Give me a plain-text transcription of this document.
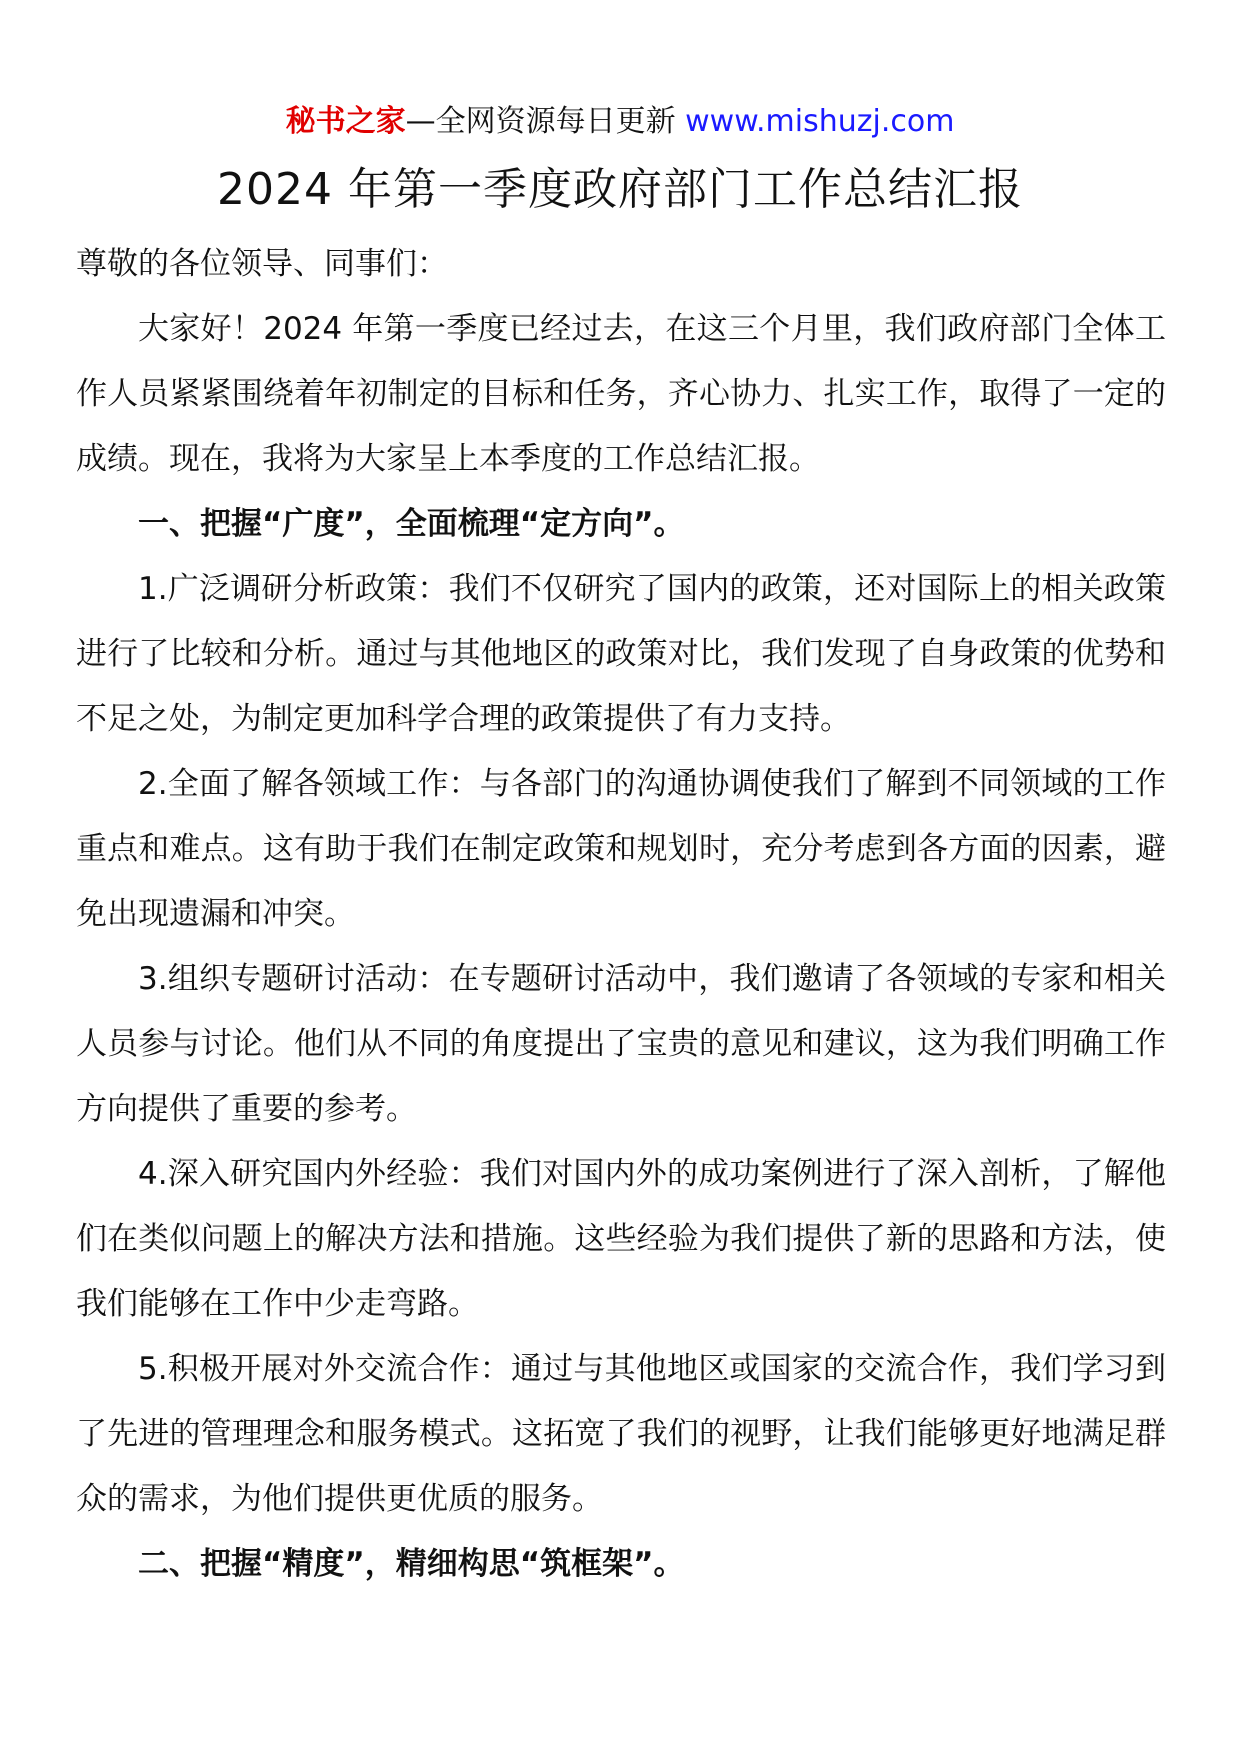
秘书之家—全网资源每日更新 www.mishuzj.com
2024 年第一季度政府部门工作总结汇报

尊敬的各位领导、同事们：

大家好！2024 年第一季度已经过去，在这三个月里，我们政府部门全体工作人员紧紧围绕着年初制定的目标和任务，齐心协力、扎实工作，取得了一定的成绩。现在，我将为大家呈上本季度的工作总结汇报。

一、把握“广度”，全面梳理“定方向”。

1.广泛调研分析政策：我们不仅研究了国内的政策，还对国际上的相关政策进行了比较和分析。通过与其他地区的政策对比，我们发现了自身政策的优势和不足之处，为制定更加科学合理的政策提供了有力支持。

2.全面了解各领域工作：与各部门的沟通协调使我们了解到不同领域的工作重点和难点。这有助于我们在制定政策和规划时，充分考虑到各方面的因素，避免出现遗漏和冲突。

3.组织专题研讨活动：在专题研讨活动中，我们邀请了各领域的专家和相关人员参与讨论。他们从不同的角度提出了宝贵的意见和建议，这为我们明确工作方向提供了重要的参考。

4.深入研究国内外经验：我们对国内外的成功案例进行了深入剖析，了解他们在类似问题上的解决方法和措施。这些经验为我们提供了新的思路和方法，使我们能够在工作中少走弯路。

5.积极开展对外交流合作：通过与其他地区或国家的交流合作，我们学习到了先进的管理理念和服务模式。这拓宽了我们的视野，让我们能够更好地满足群众的需求，为他们提供更优质的服务。

二、把握“精度”，精细构思“筑框架”。
